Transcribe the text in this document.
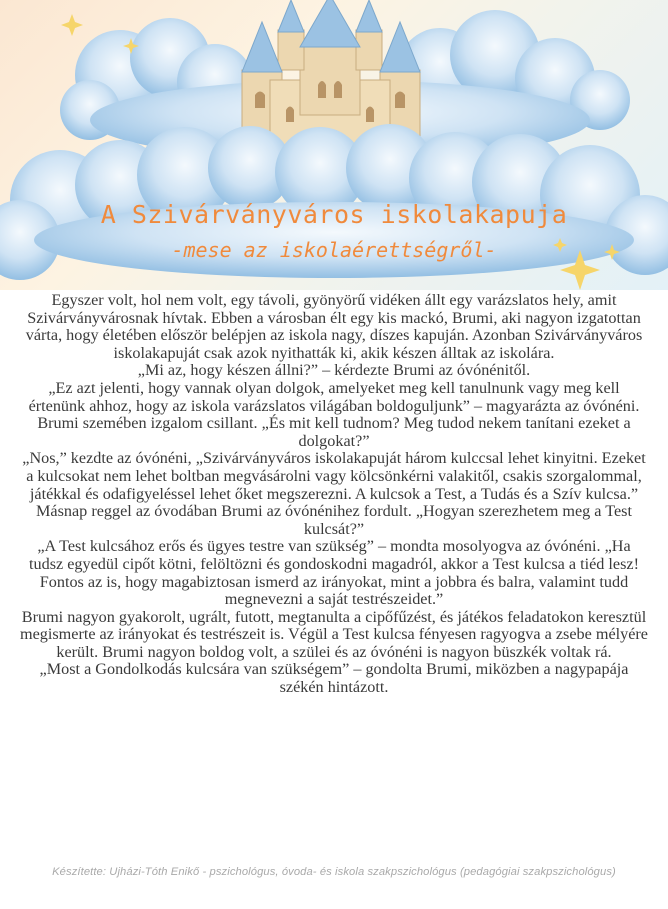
A Szivárványváros iskolakapuja
-mese az iskolaérettségről-

Egyszer volt, hol nem volt, egy távoli, gyönyörű vidéken állt egy varázslatos hely, amit Szivárványvárosnak hívtak. Ebben a városban élt egy kis mackó, Brumi, aki nagyon izgatottan várta, hogy életében először belépjen az iskola nagy, díszes kapuján. Azonban Szivárványváros iskolakapuját csak azok nyithatták ki, akik készen álltak az iskolára.

„Mi az, hogy készen állni?” – kérdezte Brumi az óvónénitől.

„Ez azt jelenti, hogy vannak olyan dolgok, amelyeket meg kell tanulnunk vagy meg kell értenünk ahhoz, hogy az iskola varázslatos világában boldoguljunk” – magyarázta az óvónéni.

Brumi szemében izgalom csillant. „És mit kell tudnom? Meg tudod nekem tanítani ezeket a dolgokat?”

„Nos,” kezdte az óvónéni, „Szivárványváros iskolakapuját három kulccsal lehet kinyitni. Ezeket a kulcsokat nem lehet boltban megvásárolni vagy kölcsönkérni valakitől, csakis szorgalommal, játékkal és odafigyeléssel lehet őket megszerezni. A kulcsok a Test, a Tudás és a Szív kulcsa.”

Másnap reggel az óvodában Brumi az óvónénihez fordult. „Hogyan szerezhetem meg a Test kulcsát?”

„A Test kulcsához erős és ügyes testre van szükség” – mondta mosolyogva az óvónéni. „Ha tudsz egyedül cipőt kötni, felöltözni és gondoskodni magadról, akkor a Test kulcsa a tiéd lesz! Fontos az is, hogy magabiztosan ismerd az irányokat, mint a jobbra és balra, valamint tudd megnevezni a saját testrészeidet.”

Brumi nagyon gyakorolt, ugrált, futott, megtanulta a cipőfűzést, és játékos feladatokon keresztül megismerte az irányokat és testrészeit is. Végül a Test kulcsa fényesen ragyogva a zsebe mélyére került. Brumi nagyon boldog volt, a szülei és az óvónéni is nagyon büszkék voltak rá.

„Most a Gondolkodás kulcsára van szükségem” – gondolta Brumi, miközben a nagypapája székén hintázott.

Készítette: Ujházi-Tóth Enikő - pszichológus, óvoda- és iskola szakpszichológus (pedagógiai szakpszichológus)
